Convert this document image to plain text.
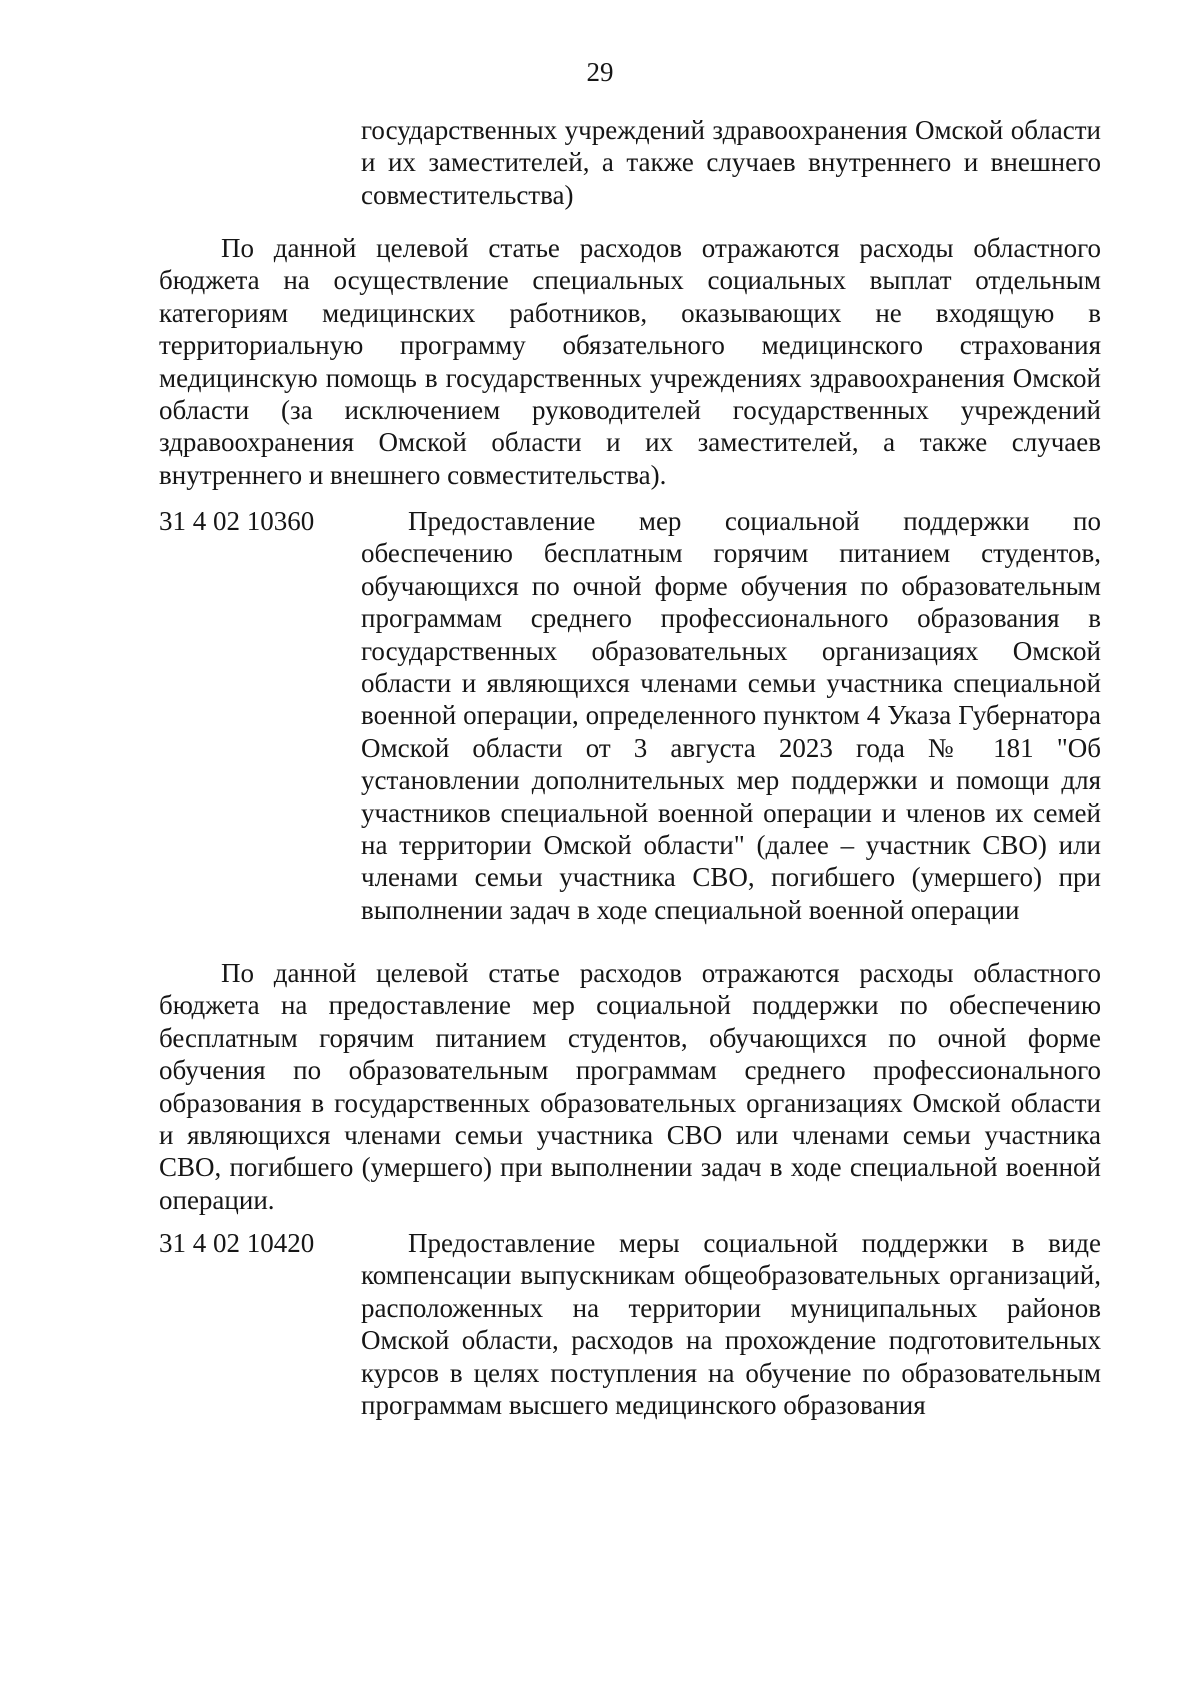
29
государственных учреждений здравоохранения Омской области и их заместителей, а также случаев внутреннего и внешнего совместительства)
По данной целевой статье расходов отражаются расходы областного бюджета на осуществление специальных социальных выплат отдельным категориям медицинских работников, оказывающих не входящую в территориальную программу обязательного медицинского страхования медицинскую помощь в государственных учреждениях здравоохранения Омской области (за исключением руководителей государственных учреждений здравоохранения Омской области и их заместителей, а также случаев внутреннего и внешнего совместительства).
31 4 02 10360	Предоставление мер социальной поддержки по обеспечению бесплатным горячим питанием студентов, обучающихся по очной форме обучения по образовательным программам среднего профессионального образования в государственных образовательных организациях Омской области и являющихся членами семьи участника специальной военной операции, определенного пунктом 4 Указа Губернатора Омской области от 3 августа 2023 года № 181 "Об установлении дополнительных мер поддержки и помощи для участников специальной военной операции и членов их семей на территории Омской области" (далее – участник СВО) или членами семьи участника СВО, погибшего (умершего) при выполнении задач в ходе специальной военной операции
По данной целевой статье расходов отражаются расходы областного бюджета на предоставление мер социальной поддержки по обеспечению бесплатным горячим питанием студентов, обучающихся по очной форме обучения по образовательным программам среднего профессионального образования в государственных образовательных организациях Омской области и являющихся членами семьи участника СВО или членами семьи участника СВО, погибшего (умершего) при выполнении задач в ходе специальной военной операции.
31 4 02 10420	Предоставление меры социальной поддержки в виде компенсации выпускникам общеобразовательных организаций, расположенных на территории муниципальных районов Омской области, расходов на прохождение подготовительных курсов в целях поступления на обучение по образовательным программам высшего медицинского образования
